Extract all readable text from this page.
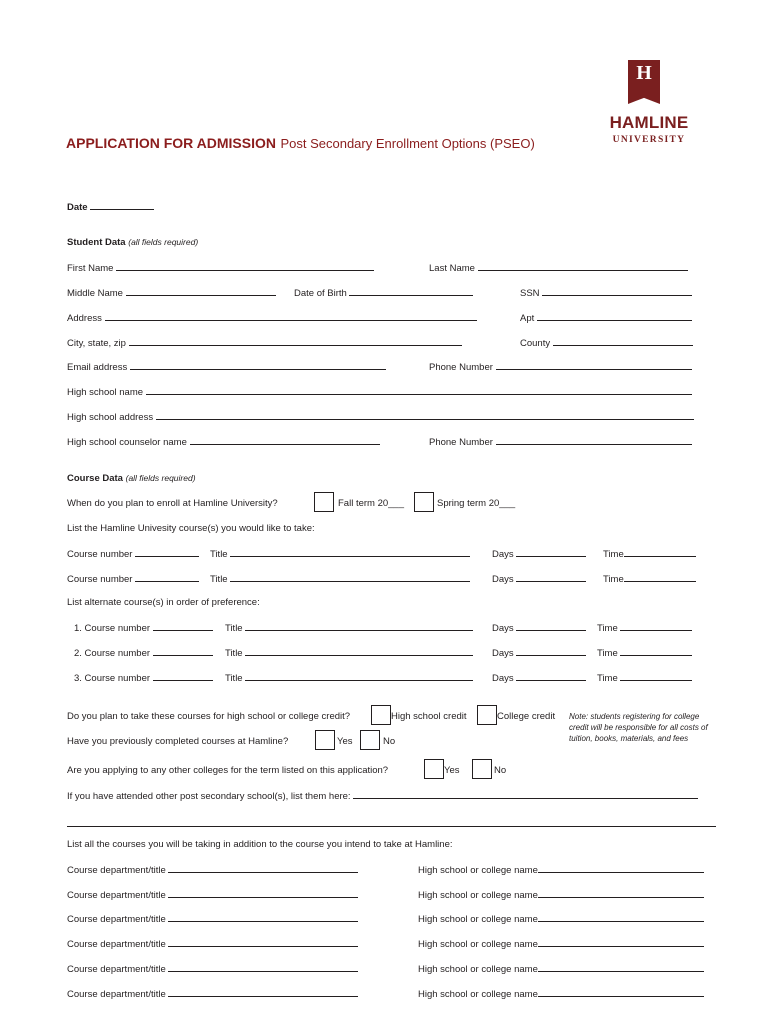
H
HAMLINE
UNIVERSITY
APPLICATION FOR ADMISSION Post Secondary Enrollment Options (PSEO)
Date
Student Data (all fields required)
First Name	Last Name
Middle Name	Date of Birth	SSN
Address	Apt
City, state, zip	County
Email address	Phone Number
High school name
High school address
High school counselor name	Phone Number
Course Data (all fields required)
When do you plan to enroll at Hamline University?	Fall term 20___	Spring term 20___
List the Hamline Univesity course(s) you would like to take:
Course number	Title	Days	Time
Course number	Title	Days	Time
List alternate course(s) in order of preference:
1. Course number	Title	Days	Time
2. Course number	Title	Days	Time
3. Course number	Title	Days	Time
Do you plan to take these courses for high school or college credit?	High school credit	College credit Note: students registering for college credit will be responsible for all costs of tuition, books, materials, and fees
Have you previously completed courses at Hamline?	Yes	No
Are you applying to any other colleges for the term listed on this application?	Yes	No
If you have attended other post secondary school(s), list them here:
List all the courses you will be taking in addition to the course you intend to take at Hamline:
Course department/title	High school or college name
Course department/title	High school or college name
Course department/title	High school or college name
Course department/title	High school or college name
Course department/title	High school or college name
Course department/title	High school or college name
